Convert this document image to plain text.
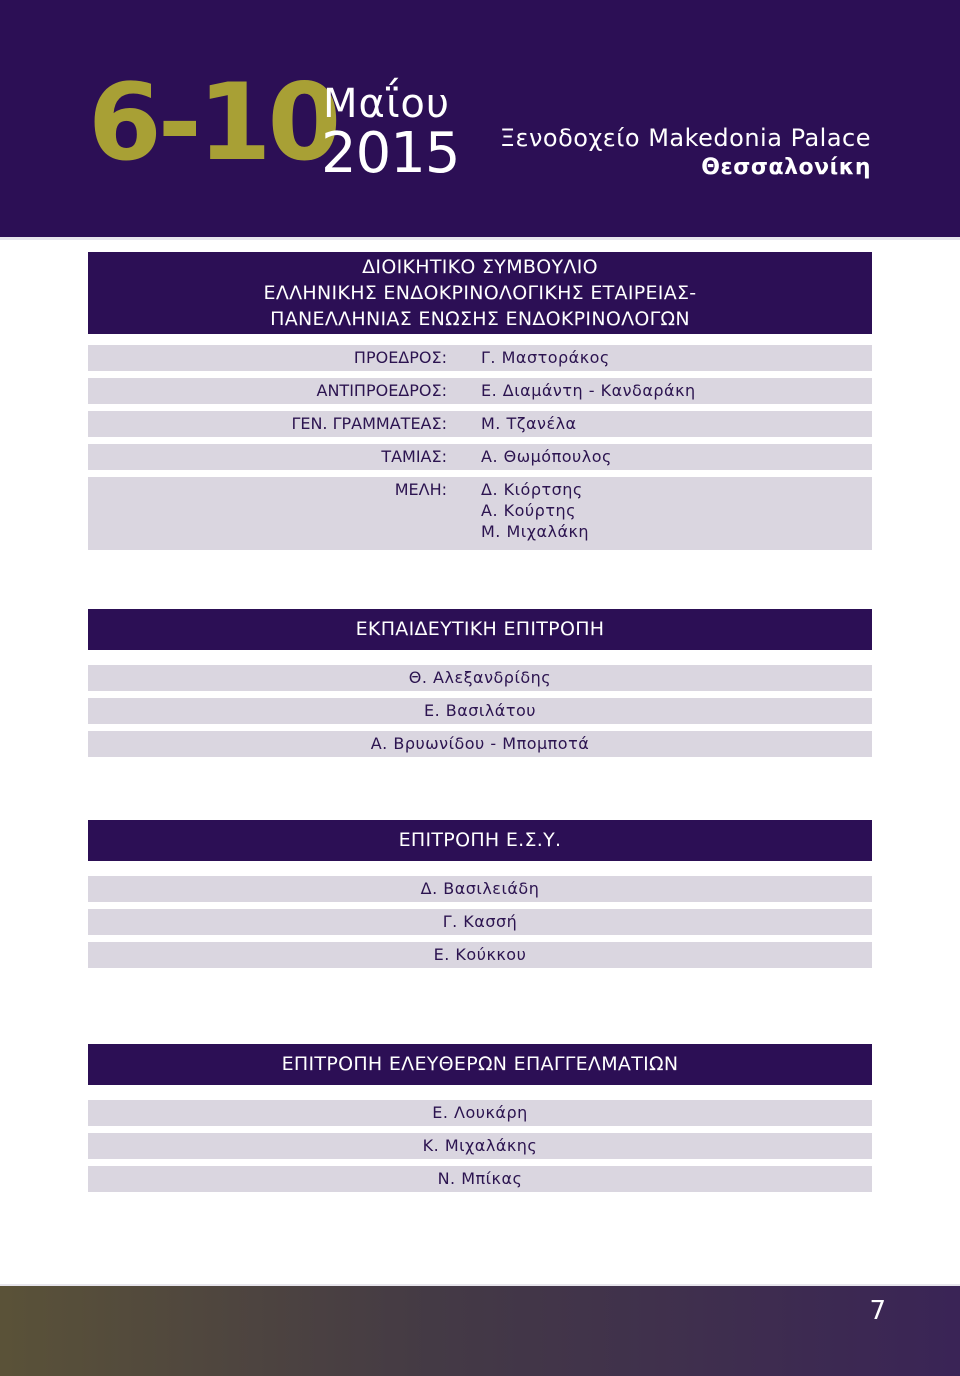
6-10
Μαΐου
2015 Ξενοδοχείο Makedonia Palace
Θεσσαλονίκη
ΔΙΟΙΚΗΤΙΚΟ ΣΥΜΒΟΥΛΙΟ
ΕΛΛΗΝΙΚΗΣ ΕΝΔΟΚΡΙΝΟΛΟΓΙΚΗΣ ΕΤΑΙΡΕΙΑΣ-
ΠΑΝΕΛΛΗΝΙΑΣ ΕΝΩΣΗΣ ΕΝΔΟΚΡΙΝΟΛΟΓΩΝ
ΠΡΟΕΔΡΟΣ: Γ. Μαστοράκος
ΑΝΤΙΠΡΟΕΔΡΟΣ: Ε. Διαμάντη - Κανδαράκη
ΓΕΝ. ΓΡΑΜΜΑΤΕΑΣ: Μ. Τζανέλα
ΤΑΜΙΑΣ: Α. Θωμόπουλος
ΜΕΛΗ: Δ. Κιόρτσης
Α. Κούρτης
Μ. Μιχαλάκη
ΕΚΠΑΙΔΕΥΤΙΚΗ ΕΠΙΤΡΟΠΗ
Θ. Αλεξανδρίδης
Ε. Βασιλάτου
Α. Βρυωνίδου - Μπομποτά
ΕΠΙΤΡΟΠΗ Ε.Σ.Υ.
Δ. Βασιλειάδη
Γ. Κασσή
Ε. Κούκκου
ΕΠΙΤΡΟΠΗ ΕΛΕΥΘΕΡΩΝ ΕΠΑΓΓΕΛΜΑΤΙΩΝ
Ε. Λουκάρη
Κ. Μιχαλάκης
Ν. Μπίκας
7
